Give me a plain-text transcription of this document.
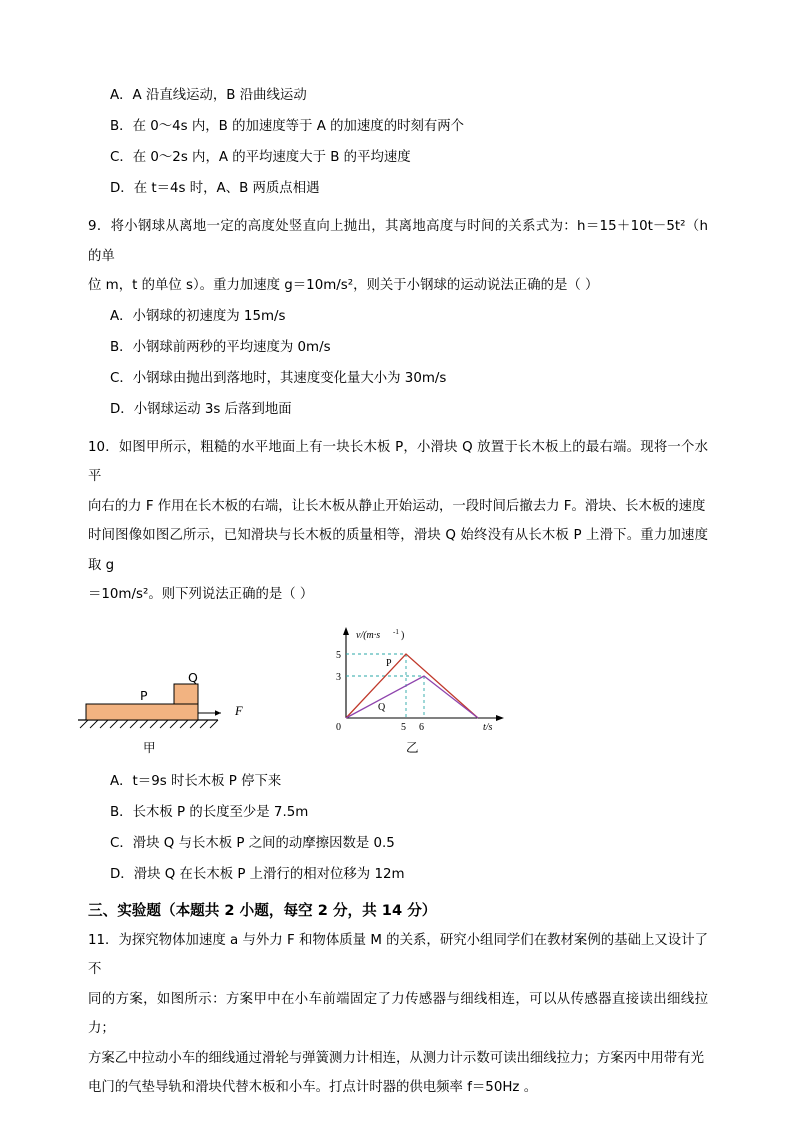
A．A 沿直线运动，B 沿曲线运动
B．在 0～4s 内，B 的加速度等于 A 的加速度的时刻有两个
C．在 0～2s 内，A 的平均速度大于 B 的平均速度
D．在 t＝4s 时，A、B 两质点相遇
9．将小钢球从离地一定的高度处竖直向上抛出，其离地高度与时间的关系式为：h＝15＋10t－5t²（h 的单
位 m，t 的单位 s）。重力加速度 g＝10m/s²，则关于小钢球的运动说法正确的是（ ）
A．小钢球的初速度为 15m/s
B．小钢球前两秒的平均速度为 0m/s
C．小钢球由抛出到落地时，其速度变化量大小为 30m/s
D．小钢球运动 3s 后落到地面
10．如图甲所示，粗糙的水平地面上有一块长木板 P，小滑块 Q 放置于长木板上的最右端。现将一个水平
向右的力 F 作用在长木板的右端，让长木板从静止开始运动，一段时间后撤去力 F。滑块、长木板的速度
时间图像如图乙所示，已知滑块与长木板的质量相等，滑块 Q 始终没有从长木板 P 上滑下。重力加速度取 g
＝10m/s²。则下列说法正确的是（ ）
P
Q
F
甲
5
3
0	5 6
v/(m·s -1 )
t/s
P
Q
乙
A．t＝9s 时长木板 P 停下来
B．长木板 P 的长度至少是 7.5m
C．滑块 Q 与长木板 P 之间的动摩擦因数是 0.5
D．滑块 Q 在长木板 P 上滑行的相对位移为 12m
三、实验题（本题共 2 小题，每空 2 分，共 14 分）
11．为探究物体加速度 a 与外力 F 和物体质量 M 的关系，研究小组同学们在教材案例的基础上又设计了不
同的方案，如图所示：方案甲中在小车前端固定了力传感器与细线相连，可以从传感器直接读出细线拉力；
方案乙中拉动小车的细线通过滑轮与弹簧测力计相连，从测力计示数可读出细线拉力；方案丙中用带有光
电门的气垫导轨和滑块代替木板和小车。打点计时器的供电频率 f＝50Hz 。
